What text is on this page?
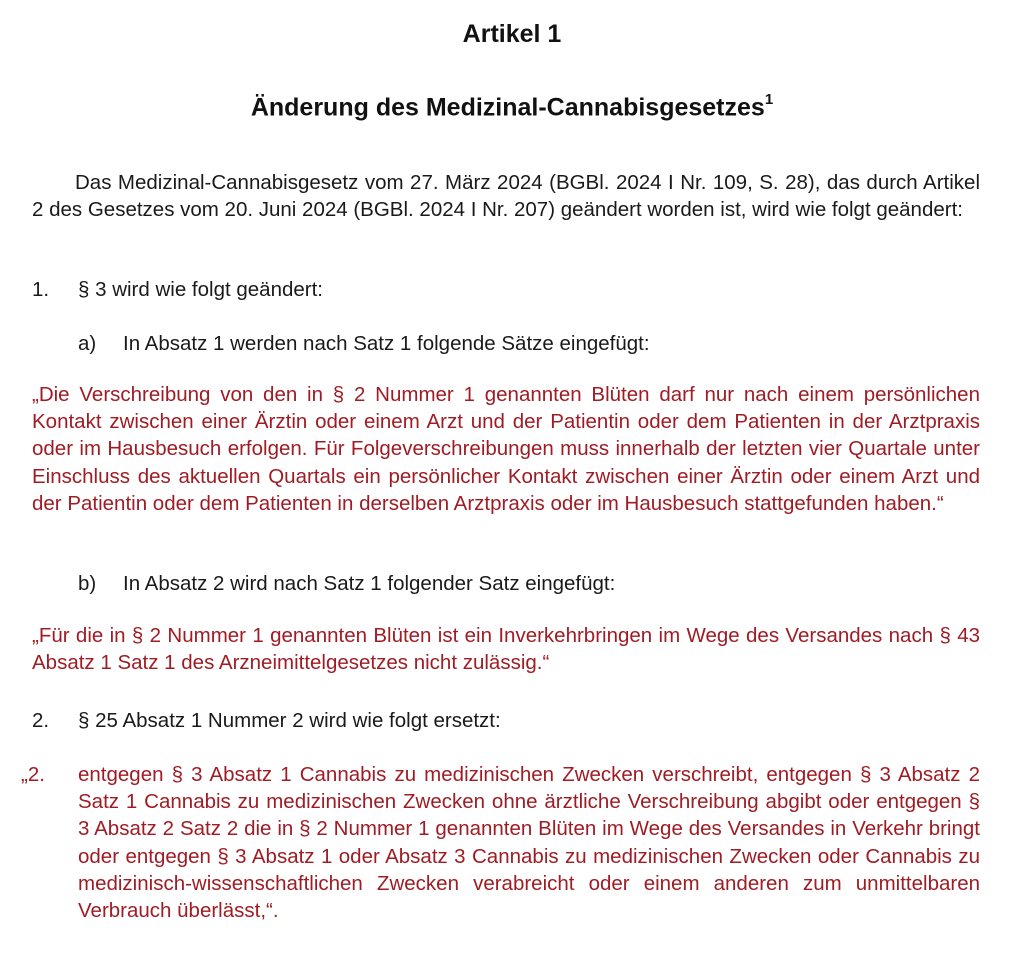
Artikel 1
Änderung des Medizinal-Cannabisgesetzes$^1$

Das Medizinal-Cannabisgesetz vom 27. März 2024 (BGBl. 2024 I Nr. 109, S. 28), das durch Artikel 2 des Gesetzes vom 20. Juni 2024 (BGBl. 2024 I Nr. 207) geändert worden ist, wird wie folgt geändert:

1. § 3 wird wie folgt geändert:
a) In Absatz 1 werden nach Satz 1 folgende Sätze eingefügt:

„Die Verschreibung von den in § 2 Nummer 1 genannten Blüten darf nur nach einem persönlichen Kontakt zwischen einer Ärztin oder einem Arzt und der Patientin oder dem Patienten in der Arztpraxis oder im Hausbesuch erfolgen. Für Folgeverschreibungen muss innerhalb der letzten vier Quartale unter Einschluss des aktuellen Quartals ein persönlicher Kontakt zwischen einer Ärztin oder einem Arzt und der Patientin oder dem Patienten in derselben Arztpraxis oder im Hausbesuch stattgefunden haben.“

b) In Absatz 2 wird nach Satz 1 folgender Satz eingefügt:

„Für die in § 2 Nummer 1 genannten Blüten ist ein Inverkehrbringen im Wege des Versandes nach § 43 Absatz 1 Satz 1 des Arzneimittelgesetzes nicht zulässig.“

2. § 25 Absatz 1 Nummer 2 wird wie folgt ersetzt:
„2. entgegen § 3 Absatz 1 Cannabis zu medizinischen Zwecken verschreibt, entgegen § 3 Absatz 2 Satz 1 Cannabis zu medizinischen Zwecken ohne ärztliche Verschreibung abgibt oder entgegen § 3 Absatz 2 Satz 2 die in § 2 Nummer 1 genannten Blüten im Wege des Versandes in Verkehr bringt oder entgegen § 3 Absatz 1 oder Absatz 3 Cannabis zu medizinischen Zwecken oder Cannabis zu medizinisch-wissenschaftlichen Zwecken verabreicht oder einem anderen zum unmittelbaren Verbrauch überlässt,“.
